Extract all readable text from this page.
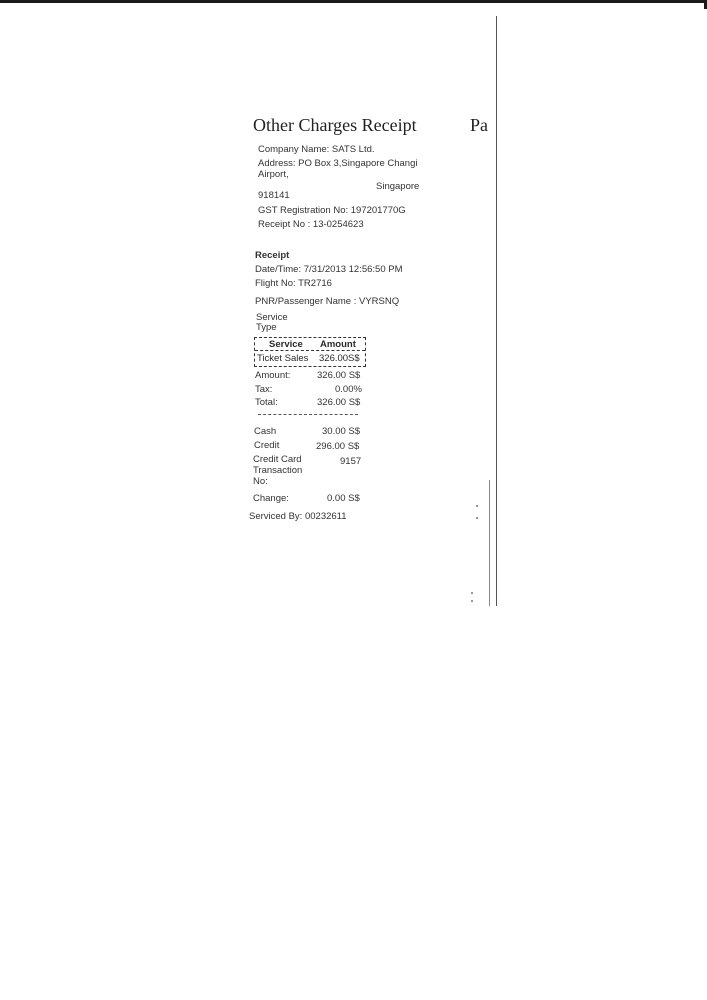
Other Charges Receipt	Pa
Company Name: SATS Ltd.
Address: PO Box 3,Singapore Changi
Airport,
Singapore
918141
GST Registration No: 197201770G
Receipt No : 13-0254623
Receipt
Date/Time: 7/31/2013 12:56:50 PM
Flight No: TR2716
PNR/Passenger Name : VYRSNQ
Service
Type
Service Amount
Ticket Sales 326.00S$
Amount:	326.00 S$
Tax:	0.00%
Total:	326.00 S$
Cash	30.00 S$
Credit	296.00 S$
Credit Card
Transaction
No:
9157
Change:	0.00 S$
Serviced By: 00232611
